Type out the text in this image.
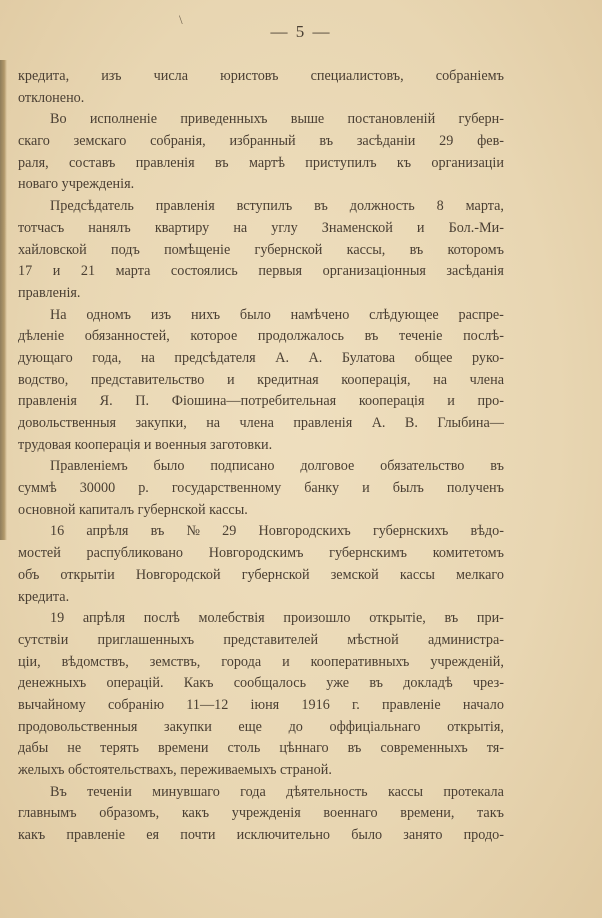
\
— 5 —
кредита, изъ числа юристовъ специалистовъ, собраніемъ
отклонено.
Во исполненіе приведенныхъ выше постановленій губерн-
скаго земскаго собранія, избранный въ засѣданіи 29 фев-
раля, составъ правленія въ мартѣ приступилъ къ организаціи
новаго учрежденія.
Предсѣдатель правленія вступилъ въ должность 8 марта,
тотчасъ нанялъ квартиру на углу Знаменской и Бол.-Ми-
хайловской подъ помѣщеніе губернской кассы, въ которомъ
17 и 21 марта состоялись первыя организаціонныя засѣданія
правленія.
На одномъ изъ нихъ было намѣчено слѣдующее распре-
дѣленіе обязанностей, которое продолжалось въ теченіе послѣ-
дующаго года, на предсѣдателя А. А. Булатова общее руко-
водство, представительство и кредитная кооперація, на члена
правленія Я. П. Фіошина—потребительная кооперація и про-
довольственныя закупки, на члена правленія А. В. Глыбина—
трудовая кооперація и военныя заготовки.
Правленіемъ было подписано долговое обязательство въ
суммѣ 30000 р. государственному банку и былъ полученъ
основной капиталъ губернской кассы.
16 апрѣля въ № 29 Новгородскихъ губернскихъ вѣдо-
мостей распубликовано Новгородскимъ губернскимъ комитетомъ
объ открытіи Новгородской губернской земской кассы мелкаго
кредита.
19 апрѣля послѣ молебствія произошло открытіе, въ при-
сутствіи приглашенныхъ представителей мѣстной администра-
ціи, вѣдомствъ, земствъ, города и кооперативныхъ учрежденій,
денежныхъ операцій. Какъ сообщалось уже въ докладѣ чрез-
вычайному собранію 11—12 іюня 1916 г. правленіе начало
продовольственныя закупки еще до оффиціальнаго открытія,
дабы не терять времени столь цѣннаго въ современныхъ тя-
желыхъ обстоятельствахъ, переживаемыхъ страной.
Въ теченіи минувшаго года дѣятельность кассы протекала
главнымъ образомъ, какъ учрежденія военнаго времени, такъ
какъ правленіе ея почти исключительно было занято продо-
